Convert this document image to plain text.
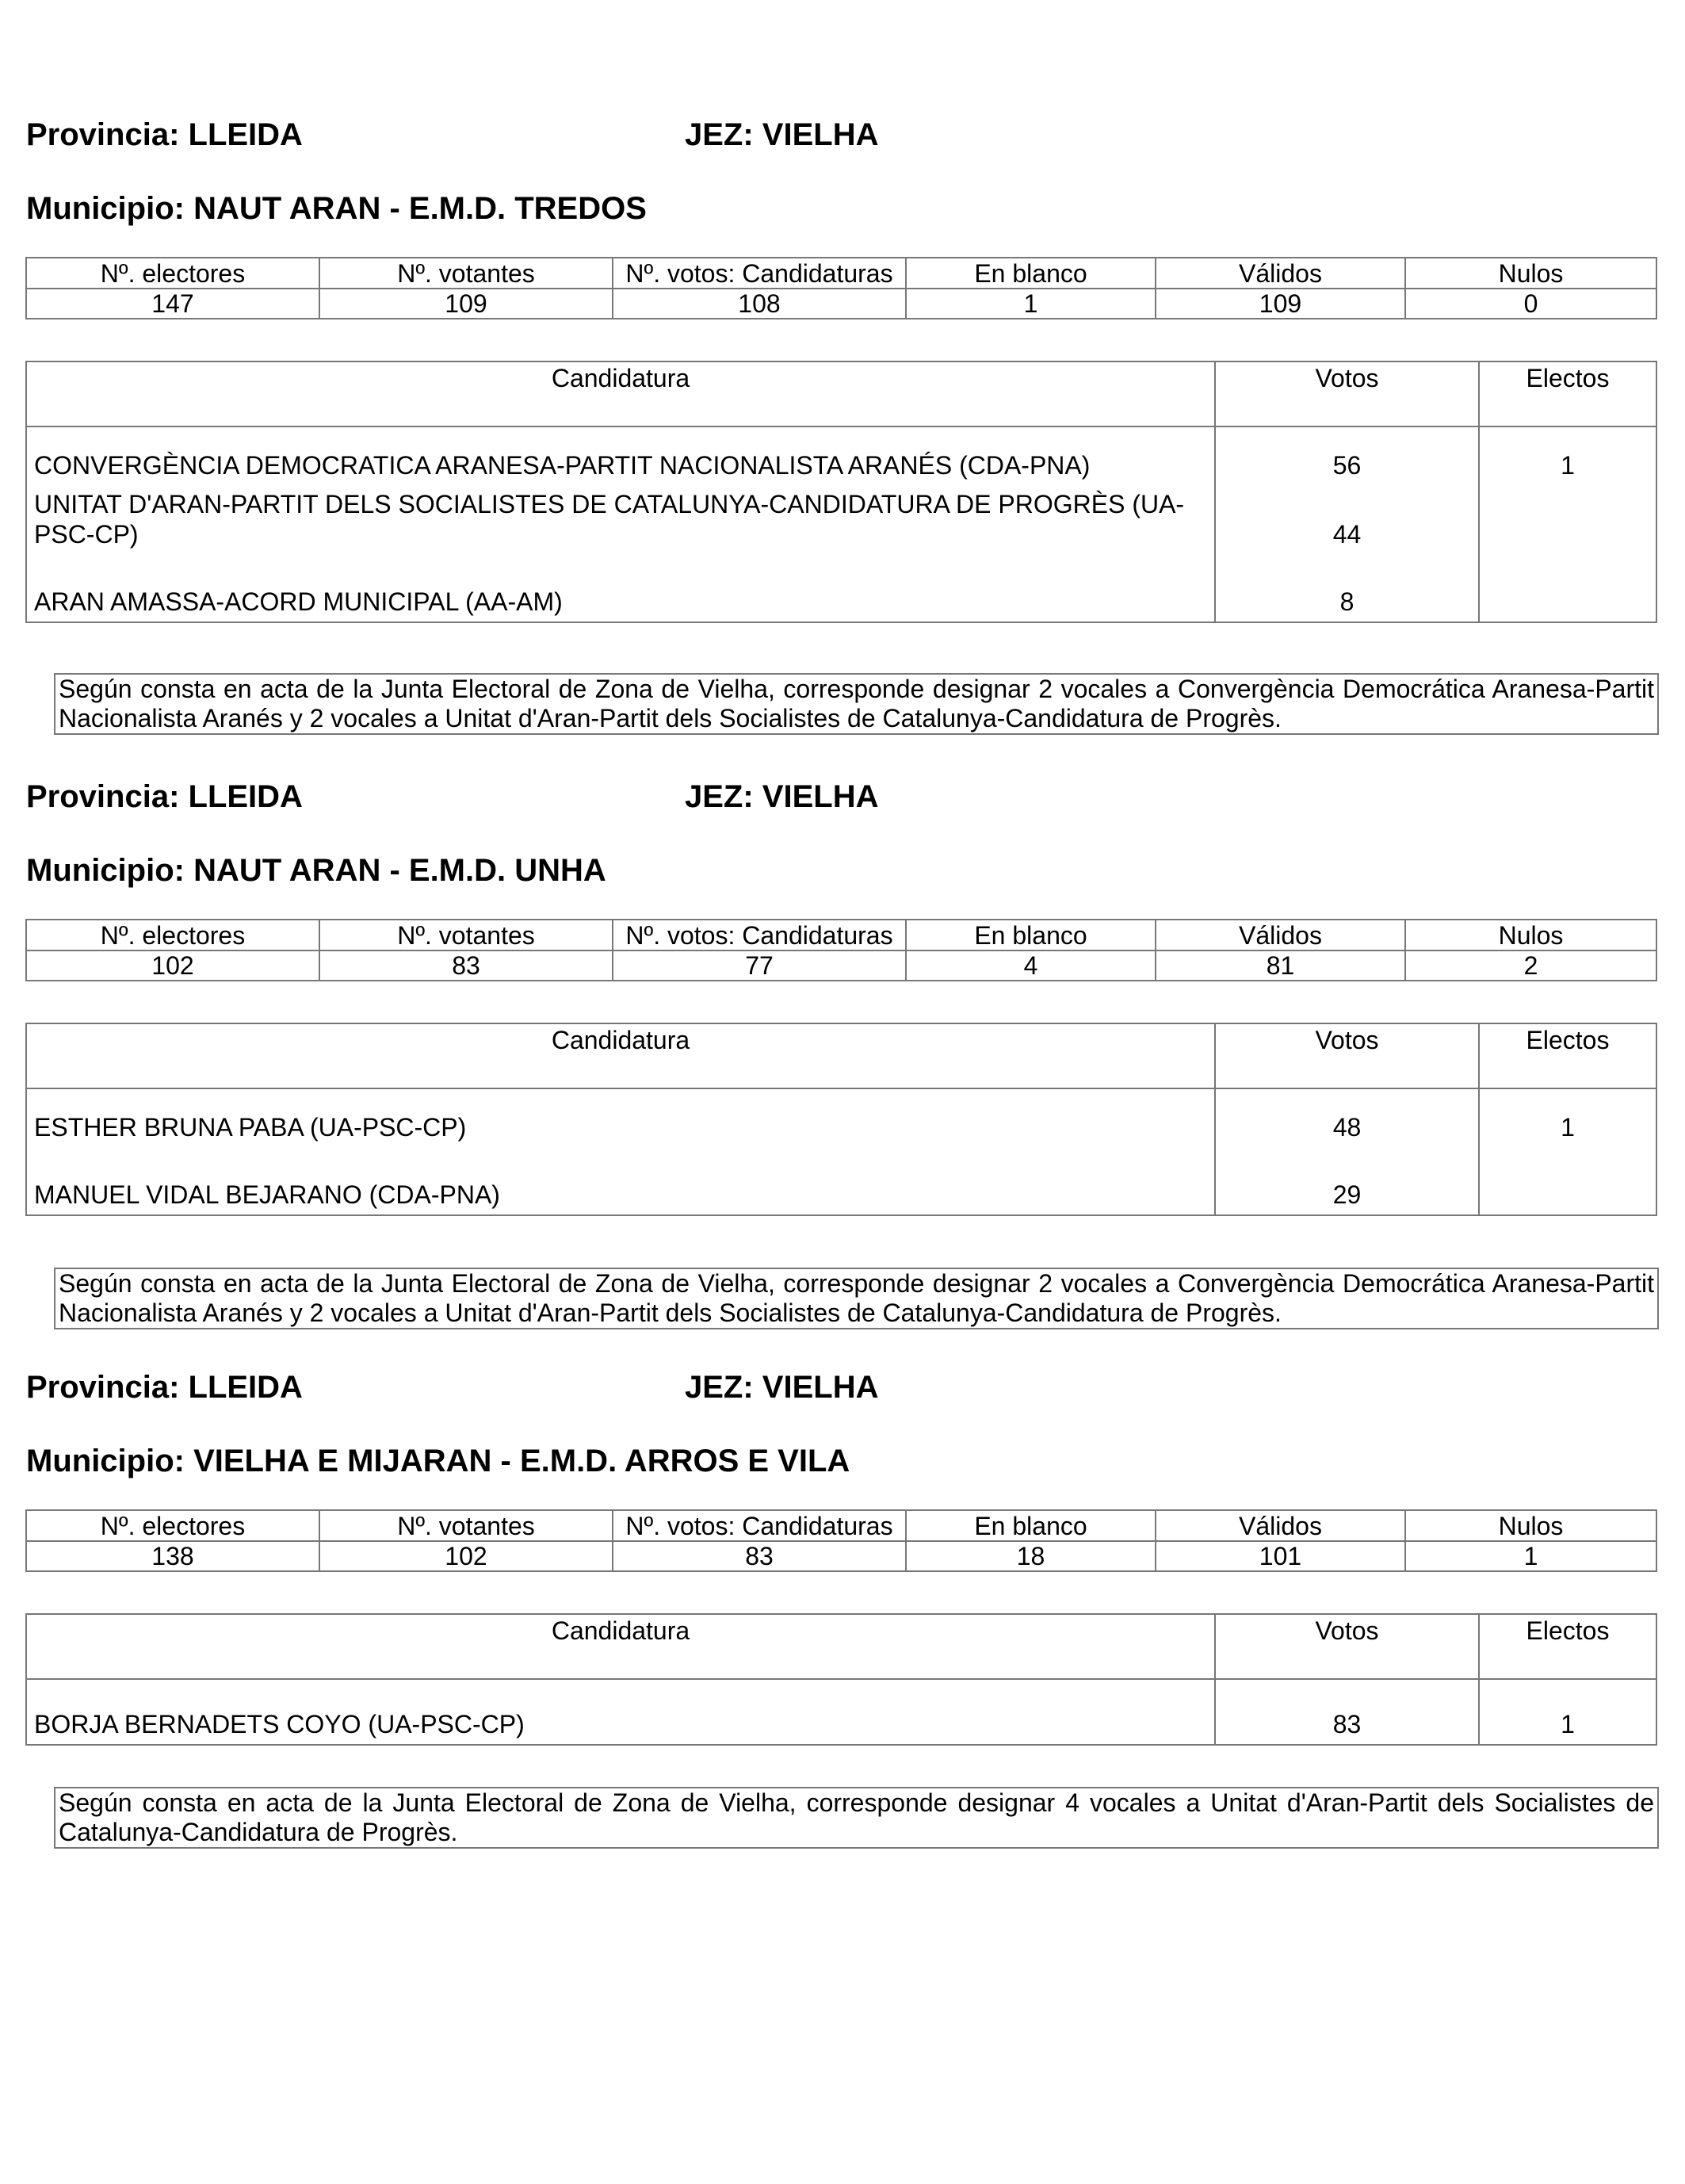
Provincia: LLEIDA	JEZ: VIELHA
Municipio: NAUT ARAN - E.M.D. TREDOS
Nº. electores	Nº. votantes	Nº. votos: Candidaturas	En blanco	Válidos	Nulos
147	109	108	1	109	0
Candidatura	Votos	Electos
CONVERGÈNCIA DEMOCRATICA ARANESA-PARTIT NACIONALISTA ARANÉS (CDA-PNA)	56	1
UNITAT D'ARAN-PARTIT DELS SOCIALISTES DE CATALUNYA-CANDIDATURA DE PROGRÈS (UA-PSC-CP)	44	
ARAN AMASSA-ACORD MUNICIPAL (AA-AM)	8	
Según consta en acta de la Junta Electoral de Zona de Vielha, corresponde designar 2 vocales a Convergència Democrática Aranesa-Partit Nacionalista Aranés y 2 vocales a Unitat d'Aran-Partit dels Socialistes de Catalunya-Candidatura de Progrès.
Provincia: LLEIDA	JEZ: VIELHA
Municipio: NAUT ARAN - E.M.D. UNHA
Nº. electores	Nº. votantes	Nº. votos: Candidaturas	En blanco	Válidos	Nulos
102	83	77	4	81	2
Candidatura	Votos	Electos
ESTHER BRUNA PABA (UA-PSC-CP)	48	1
MANUEL VIDAL BEJARANO (CDA-PNA)	29	
Según consta en acta de la Junta Electoral de Zona de Vielha, corresponde designar 2 vocales a Convergència Democrática Aranesa-Partit Nacionalista Aranés y 2 vocales a Unitat d'Aran-Partit dels Socialistes de Catalunya-Candidatura de Progrès.
Provincia: LLEIDA	JEZ: VIELHA
Municipio: VIELHA E MIJARAN - E.M.D. ARROS E VILA
Nº. electores	Nº. votantes	Nº. votos: Candidaturas	En blanco	Válidos	Nulos
138	102	83	18	101	1
Candidatura	Votos	Electos
BORJA BERNADETS COYO (UA-PSC-CP)	83	1
Según consta en acta de la Junta Electoral de Zona de Vielha, corresponde designar 4 vocales a Unitat d'Aran-Partit dels Socialistes de Catalunya-Candidatura de Progrès.
